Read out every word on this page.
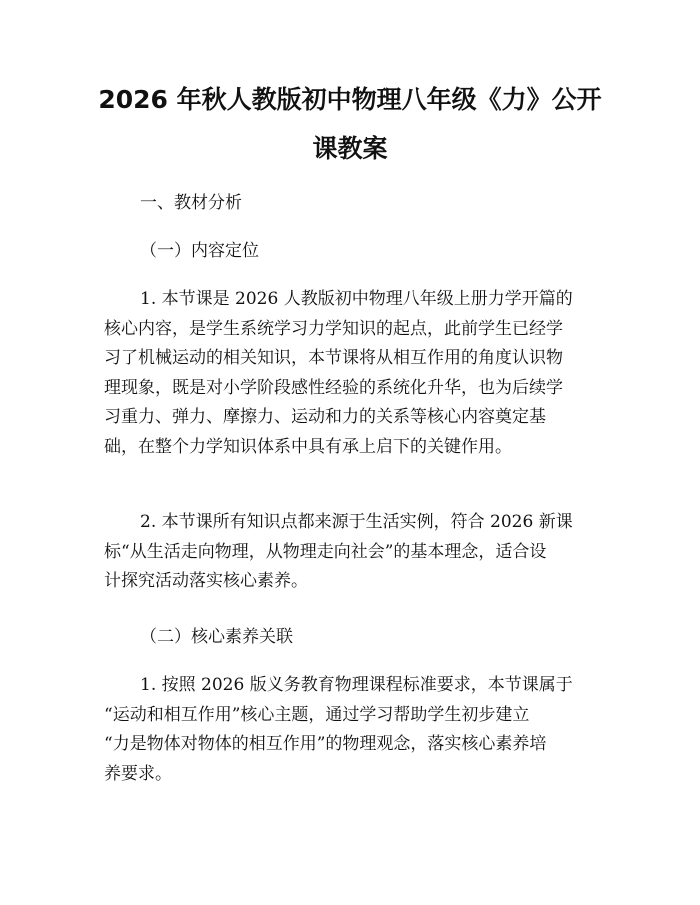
2026 年秋人教版初中物理八年级《力》公开
课教案

一、教材分析

（一）内容定位

1. 本节课是 2026 人教版初中物理八年级上册力学开篇的
核心内容，是学生系统学习力学知识的起点，此前学生已经学
习了机械运动的相关知识，本节课将从相互作用的角度认识物
理现象，既是对小学阶段感性经验的系统化升华，也为后续学
习重力、弹力、摩擦力、运动和力的关系等核心内容奠定基
础，在整个力学知识体系中具有承上启下的关键作用。

2. 本节课所有知识点都来源于生活实例，符合 2026 新课
标“从生活走向物理，从物理走向社会”的基本理念，适合设
计探究活动落实核心素养。

（二）核心素养关联

1. 按照 2026 版义务教育物理课程标准要求，本节课属于
“运动和相互作用”核心主题，通过学习帮助学生初步建立
“力是物体对物体的相互作用”的物理观念，落实核心素养培
养要求。
